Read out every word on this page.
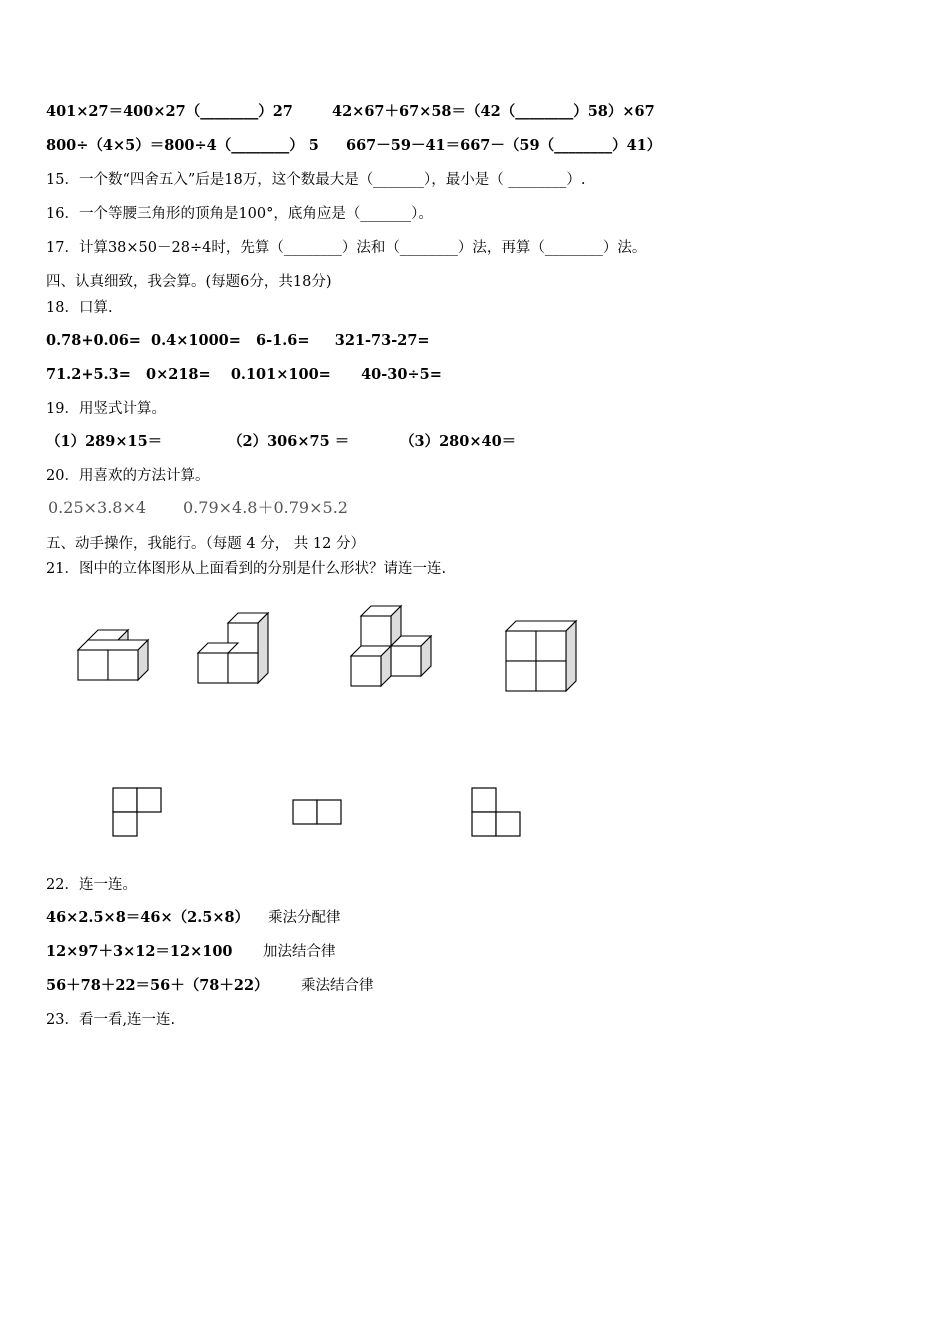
401×27＝400×27（________）27	42×67＋67×58＝（42（________）58）×67
800÷（4×5）＝800÷4（________） 5 667－59－41＝667－（59（________）41）
15．一个数“四舍五入”后是18万，这个数最大是（_______），最小是（ ________）.
16．一个等腰三角形的顶角是100°，底角应是（_______）。
17．计算38×50－28÷4时，先算（________）法和（________）法，再算（________）法。
四、认真细致，我会算。(每题6分，共18分)
18．口算.
0.78+0.06=  0.4×1000=   6-1.6=     321-73-27=
71.2+5.3=   0×218=    0.101×100=      40-30÷5=
19．用竖式计算。
（1）289×15＝	（2）306×75 ＝	（3）280×40＝
20．用喜欢的方法计算。
0.25×3.8×4 0.79×4.8＋0.79×5.2
五、动手操作，我能行。（每题 4 分， 共 12 分）
21．图中的立体图形从上面看到的分别是什么形状？请连一连.
22．连一连。
46×2.5×8＝46×（2.5×8） 乘法分配律
12×97＋3×12＝12×100 加法结合律
56＋78＋22＝56＋（78＋22） 乘法结合律
23．看一看,连一连.
